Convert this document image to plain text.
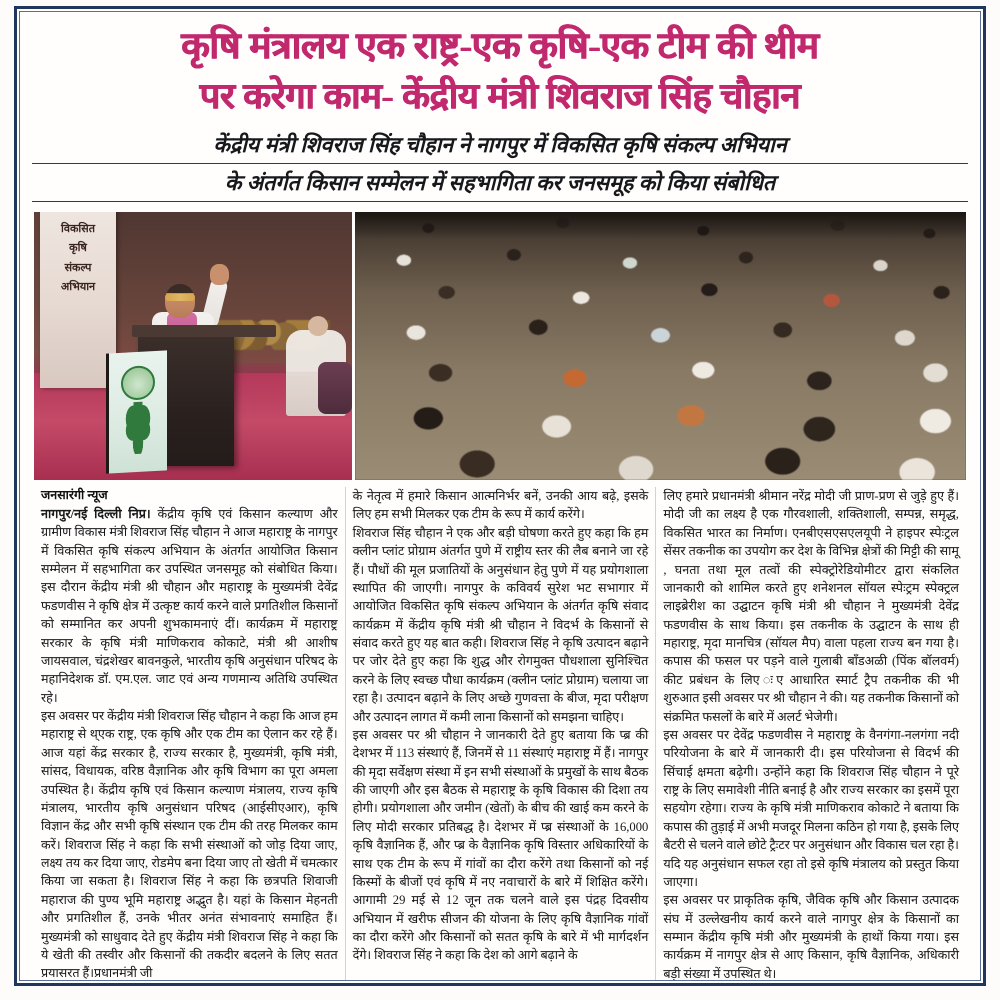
कृषि मंत्रालय एक राष्ट्र-एक कृषि-एक टीम की थीम
पर करेगा काम- केंद्रीय मंत्री शिवराज सिंह चौहान
केंद्रीय मंत्री शिवराज सिंह चौहान ने नागपुर में विकसित कृषि संकल्प अभियान
के अंतर्गत किसान सम्मेलन में सहभागिता कर जनसमूह को किया संबोधित
विकसित
कृषि
संकल्प
अभियान
जनसारंगी न्यूज

नागपुर/नई दिल्ली निप्र। केंद्रीय कृषि एवं किसान कल्याण और ग्रामीण विकास मंत्री शिवराज सिंह चौहान ने आज महाराष्ट्र के नागपुर में विकसित कृषि संकल्प अभियान के अंतर्गत आयोजित किसान सम्मेलन में सहभागिता कर उपस्थित जनसमूह को संबोधित किया। इस दौरान केंद्रीय मंत्री श्री चौहान और महाराष्ट्र के मुख्यमंत्री देवेंद्र फडणवीस ने कृषि क्षेत्र में उत्कृष्ट कार्य करने वाले प्रगतिशील किसानों को सम्मानित कर अपनी शुभकामनाएं दीं। कार्यक्रम में महाराष्ट्र सरकार के कृषि मंत्री माणिकराव कोकाटे, मंत्री श्री आशीष जायसवाल, चंद्रशेखर बावनकुले, भारतीय कृषि अनुसंधान परिषद के महानिदेशक डॉ. एम.एल. जाट एवं अन्य गणमान्य अतिथि उपस्थित रहे।

इस अवसर पर केंद्रीय मंत्री शिवराज सिंह चौहान ने कहा कि आज हम महाराष्ट्र से थ्एक राष्ट्र, एक कृषि और एक टीम का ऐलान कर रहे हैं। आज यहां केंद्र सरकार है, राज्य सरकार है, मुख्यमंत्री, कृषि मंत्री, सांसद, विधायक, वरिष्ठ वैज्ञानिक और कृषि विभाग का पूरा अमला उपस्थित है। केंद्रीय कृषि एवं किसान कल्याण मंत्रालय, राज्य कृषि मंत्रालय, भारतीय कृषि अनुसंधान परिषद (आईसीएआर), कृषि विज्ञान केंद्र और सभी कृषि संस्थान एक टीम की तरह मिलकर काम करें। शिवराज सिंह ने कहा कि सभी संस्थाओं को जोड़ दिया जाए, लक्ष्य तय कर दिया जाए, रोडमेप बना दिया जाए तो खेती में चमत्कार किया जा सकता है। शिवराज सिंह ने कहा कि छत्रपति शिवाजी महाराज की पुण्य भूमि महाराष्ट्र अद्भुत है। यहां के किसान मेहनती और प्रगतिशील हैं, उनके भीतर अनंत संभावनाएं समाहित हैं। मुख्यमंत्री को साधुवाद देते हुए केंद्रीय मंत्री शिवराज सिंह ने कहा कि ये खेती की तस्वीर और किसानों की तकदीर बदलने के लिए सतत प्रयासरत हैं।प्रधानमंत्री जी

के नेतृत्व में हमारे किसान आत्मनिर्भर बनें, उनकी आय बढ़े, इसके लिए हम सभी मिलकर एक टीम के रूप में कार्य करेंगे।

शिवराज सिंह चौहान ने एक और बड़ी घोषणा करते हुए कहा कि हम क्लीन प्लांट प्रोग्राम अंतर्गत पुणे में राष्ट्रीय स्तर की लैब बनाने जा रहे हैं। पौधों की मूल प्रजातियों के अनुसंधान हेतु पुणे में यह प्रयोगशाला स्थापित की जाएगी। नागपुर के कविवर्य सुरेश भट सभागार में आयोजित विकसित कृषि संकल्प अभियान के अंतर्गत कृषि संवाद कार्यक्रम में केंद्रीय कृषि मंत्री श्री चौहान ने विदर्भ के किसानों से संवाद करते हुए यह बात कही। शिवराज सिंह ने कृषि उत्पादन बढ़ाने पर जोर देते हुए कहा कि शुद्ध और रोगमुक्त पौधशाला सुनिश्चित करने के लिए स्वच्छ पौधा कार्यक्रम (क्लीन प्लांट प्रोग्राम) चलाया जा रहा है। उत्पादन बढ़ाने के लिए अच्छे गुणवत्ता के बीज, मृदा परीक्षण और उत्पादन लागत में कमी लाना किसानों को समझना चाहिए।

इस अवसर पर श्री चौहान ने जानकारी देते हुए बताया कि प्ब्र की देशभर में 113 संस्थाएं हैं, जिनमें से 11 संस्थाएं महाराष्ट्र में हैं। नागपुर की मृदा सर्वेक्षण संस्था में इन सभी संस्थाओं के प्रमुखों के साथ बैठक की जाएगी और इस बैठक से महाराष्ट्र के कृषि विकास की दिशा तय होगी। प्रयोगशाला और जमीन (खेतों) के बीच की खाई कम करने के लिए मोदी सरकार प्रतिबद्ध है। देशभर में प्ब्र संस्थाओं के 16,000 कृषि वैज्ञानिक हैं, और प्ब्र के वैज्ञानिक कृषि विस्तार अधिकारियों के साथ एक टीम के रूप में गांवों का दौरा करेंगे तथा किसानों को नई किस्मों के बीजों एवं कृषि में नए नवाचारों के बारे में शिक्षित करेंगे। आगामी 29 मई से 12 जून तक चलने वाले इस पंद्रह दिवसीय अभियान में खरीफ सीजन की योजना के लिए कृषि वैज्ञानिक गांवों का दौरा करेंगे और किसानों को सतत कृषि के बारे में भी मार्गदर्शन देंगे। शिवराज सिंह ने कहा कि देश को आगे बढ़ाने के

लिए हमारे प्रधानमंत्री श्रीमान नरेंद्र मोदी जी प्राण-प्रण से जुड़े हुए हैं। मोदी जी का लक्ष्य है एक गौरवशाली, शक्तिशाली, सम्पन्न, समृद्ध, विकसित भारत का निर्माण। एनबीएसएसएलयूपी ने हाइपर स्पेःट्रल सेंसर तकनीक का उपयोग कर देश के विभिन्न क्षेत्रों की मिट्टी की सामू , घनता तथा मूल तत्वों की स्पेक्ट्रोरेडियोमीटर द्वारा संकलित जानकारी को शामिल करते हुए शनेशनल सॉयल स्पेःट्रम स्पेक्ट्रल लाइब्रेरीश का उद्घाटन कृषि मंत्री श्री चौहान ने मुख्यमंत्री देवेंद्र फडणवीस के साथ किया। इस तकनीक के उद्घाटन के साथ ही महाराष्ट्र, मृदा मानचित्र (सॉयल मैप) वाला पहला राज्य बन गया है। कपास की फसल पर पड़ने वाले गुलाबी बॉंडअळी (पिंक बॉलवर्म) कीट प्रबंधन के लिए ःए आधारित स्मार्ट ट्रैप तकनीक की भी शुरुआत इसी अवसर पर श्री चौहान ने की। यह तकनीक किसानों को संक्रमित फसलों के बारे में अलर्ट भेजेगी।

इस अवसर पर देवेंद्र फडणवीस ने महाराष्ट्र के वैनगंगा-नलगंगा नदी परियोजना के बारे में जानकारी दी। इस परियोजना से विदर्भ की सिंचाई क्षमता बढ़ेगी। उन्होंने कहा कि शिवराज सिंह चौहान ने पूरे राष्ट्र के लिए समावेशी नीति बनाई है और राज्य सरकार का इसमें पूरा सहयोग रहेगा। राज्य के कृषि मंत्री माणिकराव कोकाटे ने बताया कि कपास की तुड़ाई में अभी मजदूर मिलना कठिन हो गया है, इसके लिए बैटरी से चलने वाले छोटे ट्रैःटर पर अनुसंधान और विकास चल रहा है। यदि यह अनुसंधान सफल रहा तो इसे कृषि मंत्रालय को प्रस्तुत किया जाएगा।

इस अवसर पर प्राकृतिक कृषि, जैविक कृषि और किसान उत्पादक संघ में उल्लेखनीय कार्य करने वाले नागपुर क्षेत्र के किसानों का सम्मान केंद्रीय कृषि मंत्री और मुख्यमंत्री के हाथों किया गया। इस कार्यक्रम में नागपुर क्षेत्र से आए किसान, कृषि वैज्ञानिक, अधिकारी बड़ी संख्या में उपस्थित थे।
